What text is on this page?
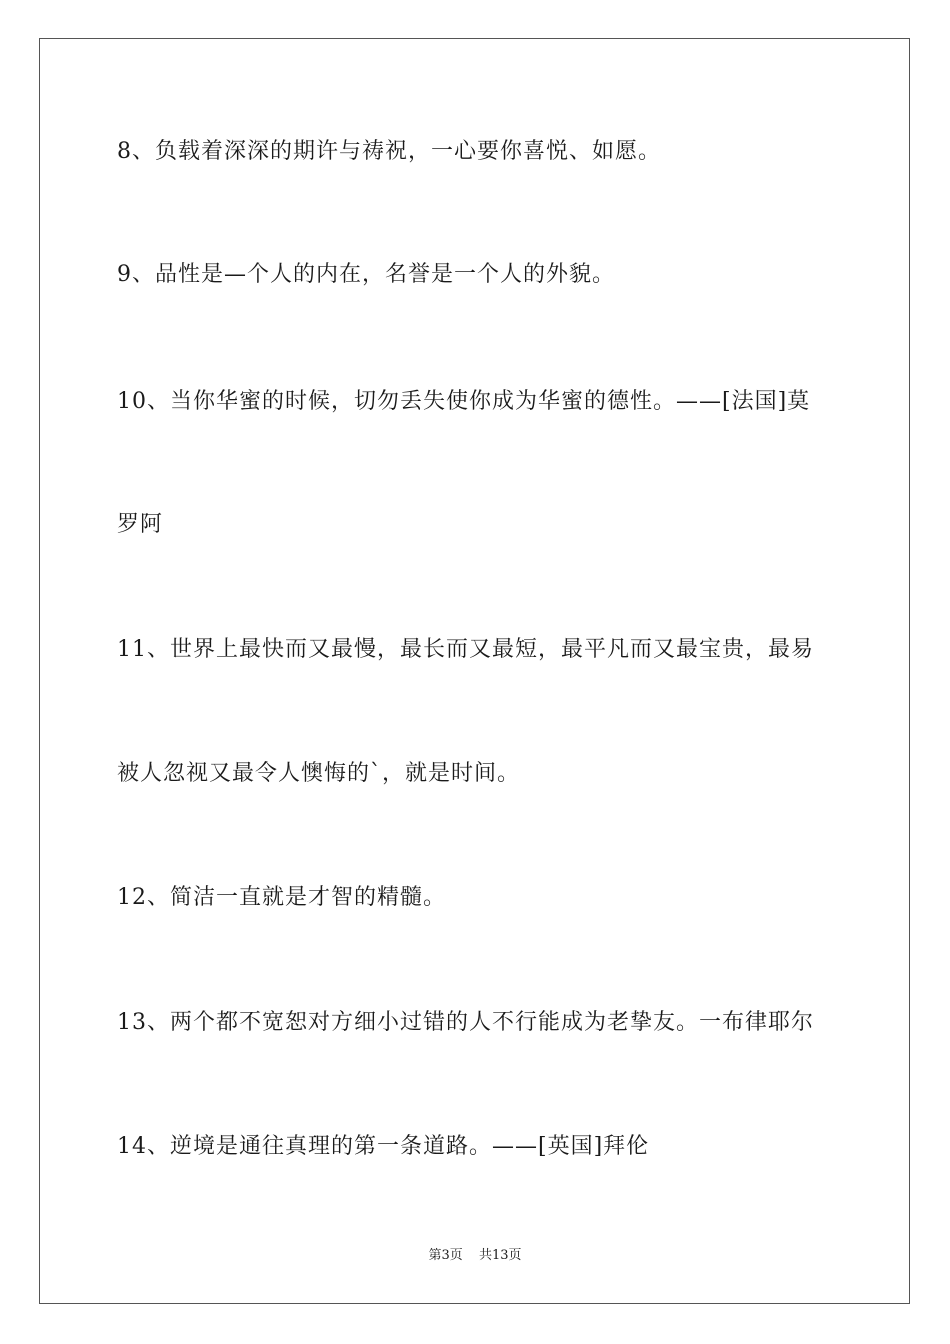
8、负载着深深的期许与祷祝，一心要你喜悦、如愿。
9、品性是—个人的内在，名誉是一个人的外貌。
10、当你华蜜的时候，切勿丢失使你成为华蜜的德性。——[法国]莫
罗阿
11、世界上最快而又最慢，最长而又最短，最平凡而又最宝贵，最易
被人忽视又最令人懊悔的`，就是时间。
12、简洁一直就是才智的精髓。
13、两个都不宽恕对方细小过错的人不行能成为老挚友。一布律耶尔
14、逆境是通往真理的第一条道路。——[英国]拜伦
第3页 共13页
